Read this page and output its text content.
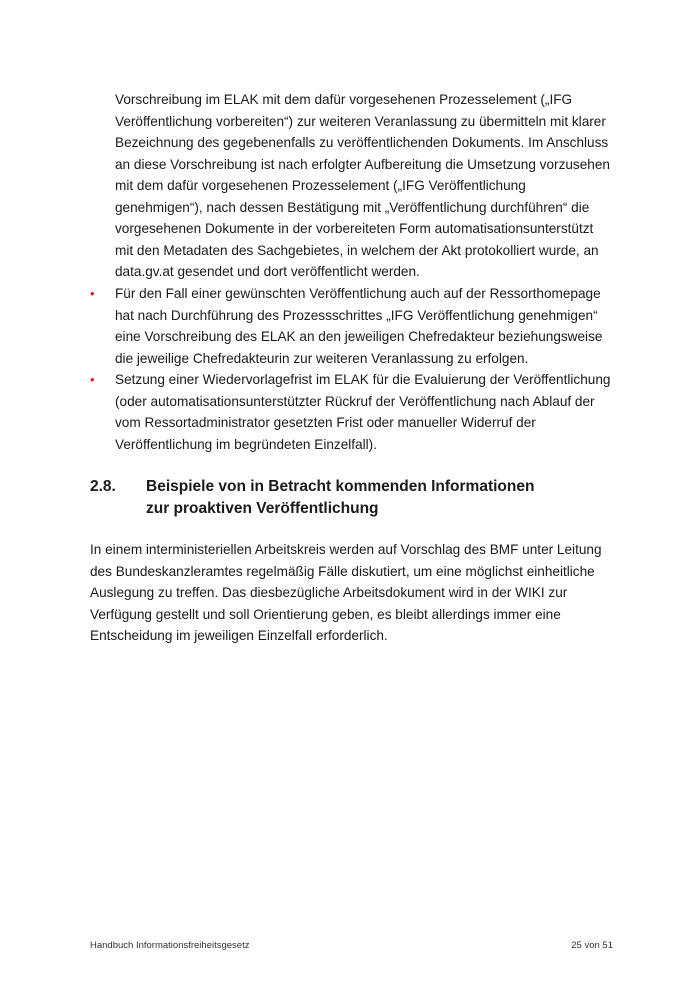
Vorschreibung im ELAK mit dem dafür vorgesehenen Prozesselement („IFG Veröffentlichung vorbereiten“) zur weiteren Veranlassung zu übermitteln mit klarer Bezeichnung des gegebenenfalls zu veröffentlichenden Dokuments. Im Anschluss an diese Vorschreibung ist nach erfolgter Aufbereitung die Umsetzung vorzusehen mit dem dafür vorgesehenen Prozesselement („IFG Veröffentlichung genehmigen“), nach dessen Bestätigung mit „Veröffentlichung durchführen“ die vorgesehenen Dokumente in der vorbereiteten Form automatisationsunterstützt mit den Metadaten des Sachgebietes, in welchem der Akt protokolliert wurde, an data.gv.at gesendet und dort veröffentlicht werden.

•	Für den Fall einer gewünschten Veröffentlichung auch auf der Ressorthomepage hat nach Durchführung des Prozessschrittes „IFG Veröffentlichung genehmigen“ eine Vorschreibung des ELAK an den jeweiligen Chefredakteur beziehungsweise die jeweilige Chefredakteurin zur weiteren Veranlassung zu erfolgen.
•	Setzung einer Wiedervorlagefrist im ELAK für die Evaluierung der Veröffentlichung (oder automatisationsunterstützter Rückruf der Veröffentlichung nach Ablauf der vom Ressortadministrator gesetzten Frist oder manueller Widerruf der Veröffentlichung im begründeten Einzelfall).
2.8. Beispiele von in Betracht kommenden Informationen zur proaktiven Veröffentlichung

In einem interministeriellen Arbeitskreis werden auf Vorschlag des BMF unter Leitung des Bundeskanzleramtes regelmäßig Fälle diskutiert, um eine möglichst einheitliche Auslegung zu treffen. Das diesbezügliche Arbeitsdokument wird in der WIKI zur Verfügung gestellt und soll Orientierung geben, es bleibt allerdings immer eine Entscheidung im jeweiligen Einzelfall erforderlich.

Handbuch Informationsfreiheitsgesetz	25 von 51
